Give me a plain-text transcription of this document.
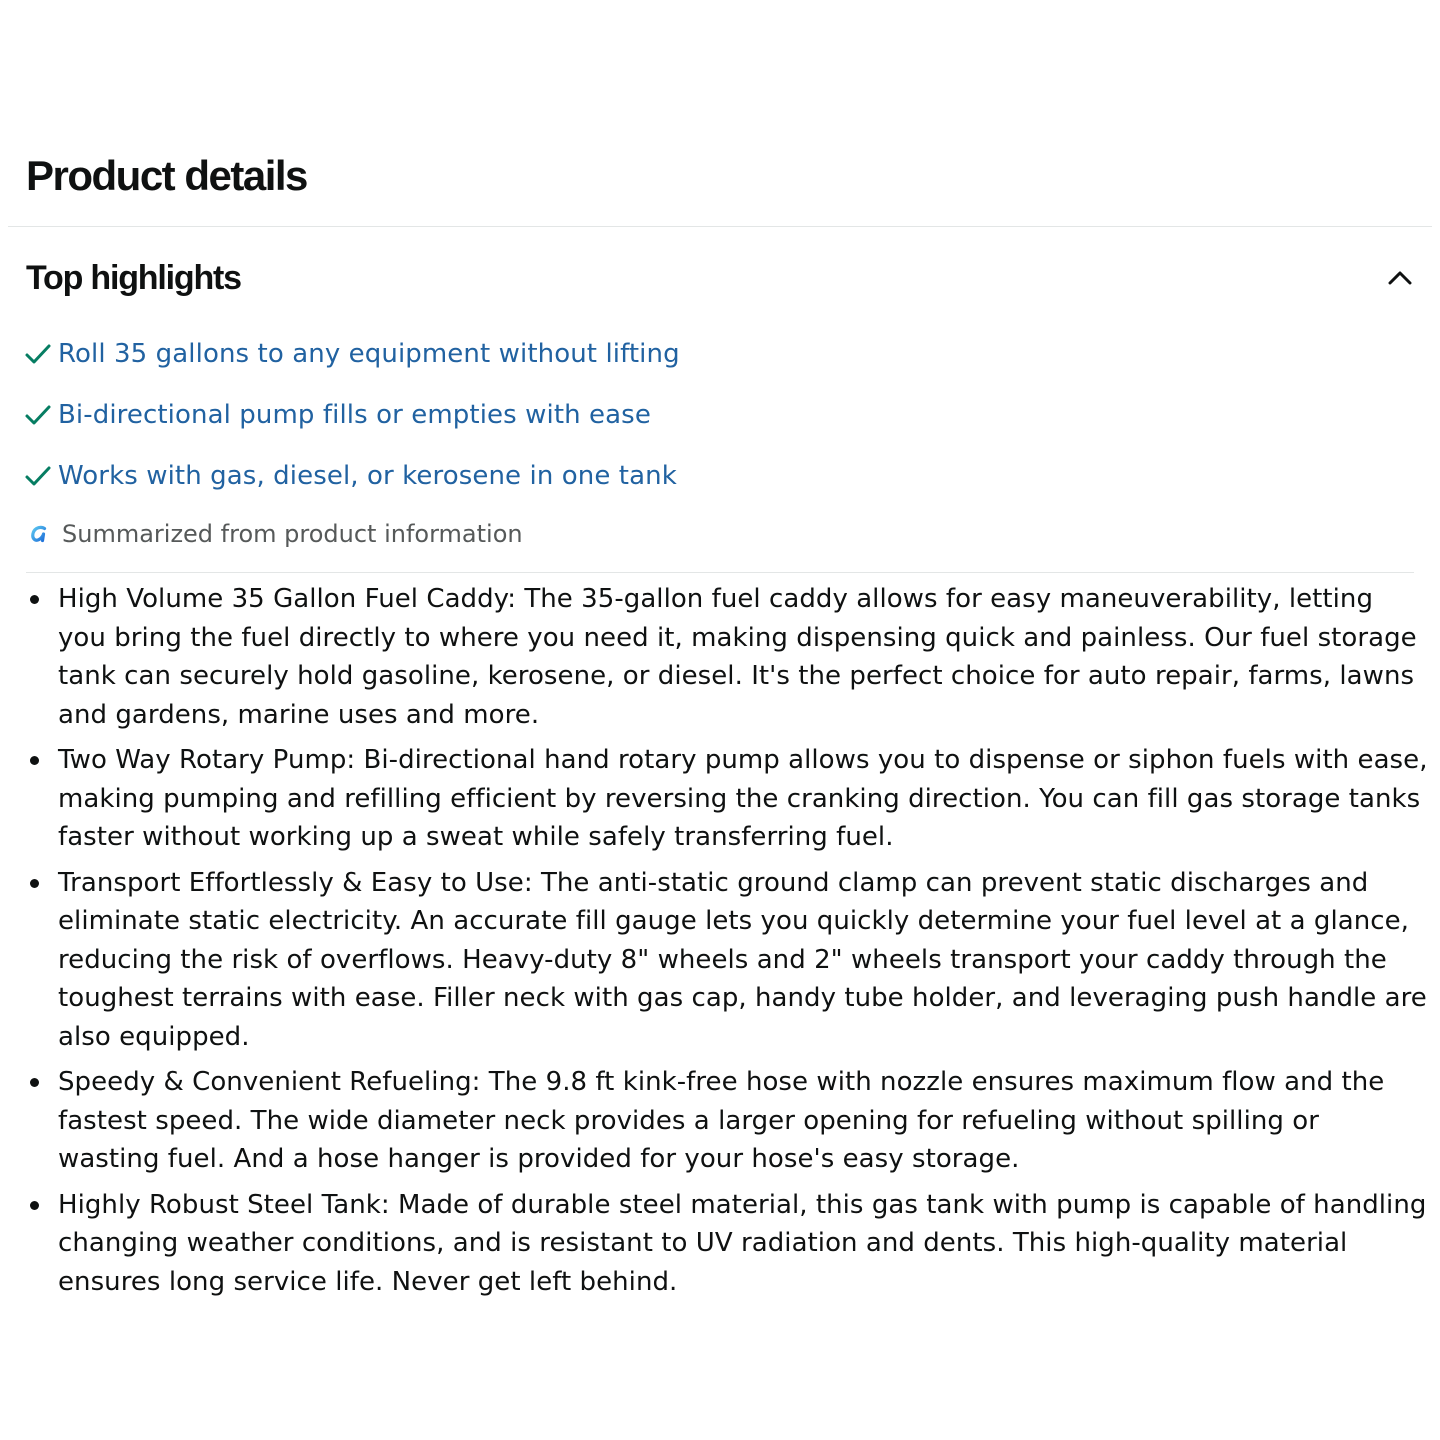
Product details
Top highlights
Roll 35 gallons to any equipment without lifting
Bi-directional pump fills or empties with ease
Works with gas, diesel, or kerosene in one tank
Summarized from product information
High Volume 35 Gallon Fuel Caddy: The 35-gallon fuel caddy allows for easy maneuverability, letting you bring the fuel directly to where you need it, making dispensing quick and painless. Our fuel storage tank can securely hold gasoline, kerosene, or diesel. It's the perfect choice for auto repair, farms, lawns and gardens, marine uses and more.
Two Way Rotary Pump: Bi-directional hand rotary pump allows you to dispense or siphon fuels with ease, making pumping and refilling efficient by reversing the cranking direction. You can fill gas storage tanks faster without working up a sweat while safely transferring fuel.
Transport Effortlessly & Easy to Use: The anti-static ground clamp can prevent static discharges and eliminate static electricity. An accurate fill gauge lets you quickly determine your fuel level at a glance, reducing the risk of overflows. Heavy-duty 8" wheels and 2" wheels transport your caddy through the toughest terrains with ease. Filler neck with gas cap, handy tube holder, and leveraging push handle are also equipped.
Speedy & Convenient Refueling: The 9.8 ft kink-free hose with nozzle ensures maximum flow and the fastest speed. The wide diameter neck provides a larger opening for refueling without spilling or wasting fuel. And a hose hanger is provided for your hose's easy storage.
Highly Robust Steel Tank: Made of durable steel material, this gas tank with pump is capable of handling changing weather conditions, and is resistant to UV radiation and dents. This high-quality material ensures long service life. Never get left behind.
